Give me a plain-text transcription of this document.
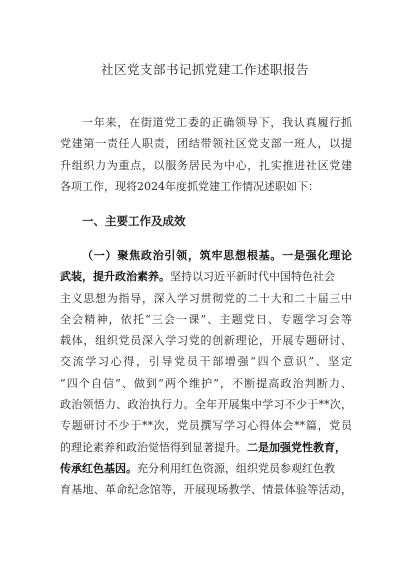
社区党支部书记抓党建工作述职报告
一年来，在街道党工委的正确领导下，我认真履行抓
党建第一责任人职责，团结带领社区党支部一班人，以提
升组织力为重点，以服务居民为中心，扎实推进社区党建
各项工作，现将2024年度抓党建工作情况述职如下：
一、主要工作及成效
（一）聚焦政治引领，筑牢思想根基。一是强化理论
武装，提升政治素养。坚持以习近平新时代中国特色社会
主义思想为指导，深入学习贯彻党的二十大和二十届三中
全会精神，依托“三会一课”、主题党日、专题学习会等
载体，组织党员深入学习党的创新理论，开展专题研讨、
交流学习心得，引导党员干部增强“四个意识”、坚定
“四个自信”、做到“两个维护”，不断提高政治判断力、
政治领悟力、政治执行力。全年开展集中学习不少于**次，
专题研讨不少于**次，党员撰写学习心得体会**篇，党员
的理论素养和政治觉悟得到显著提升。二是加强党性教育，
传承红色基因。充分利用红色资源，组织党员参观红色教
育基地、革命纪念馆等，开展现场教学、情景体验等活动，
